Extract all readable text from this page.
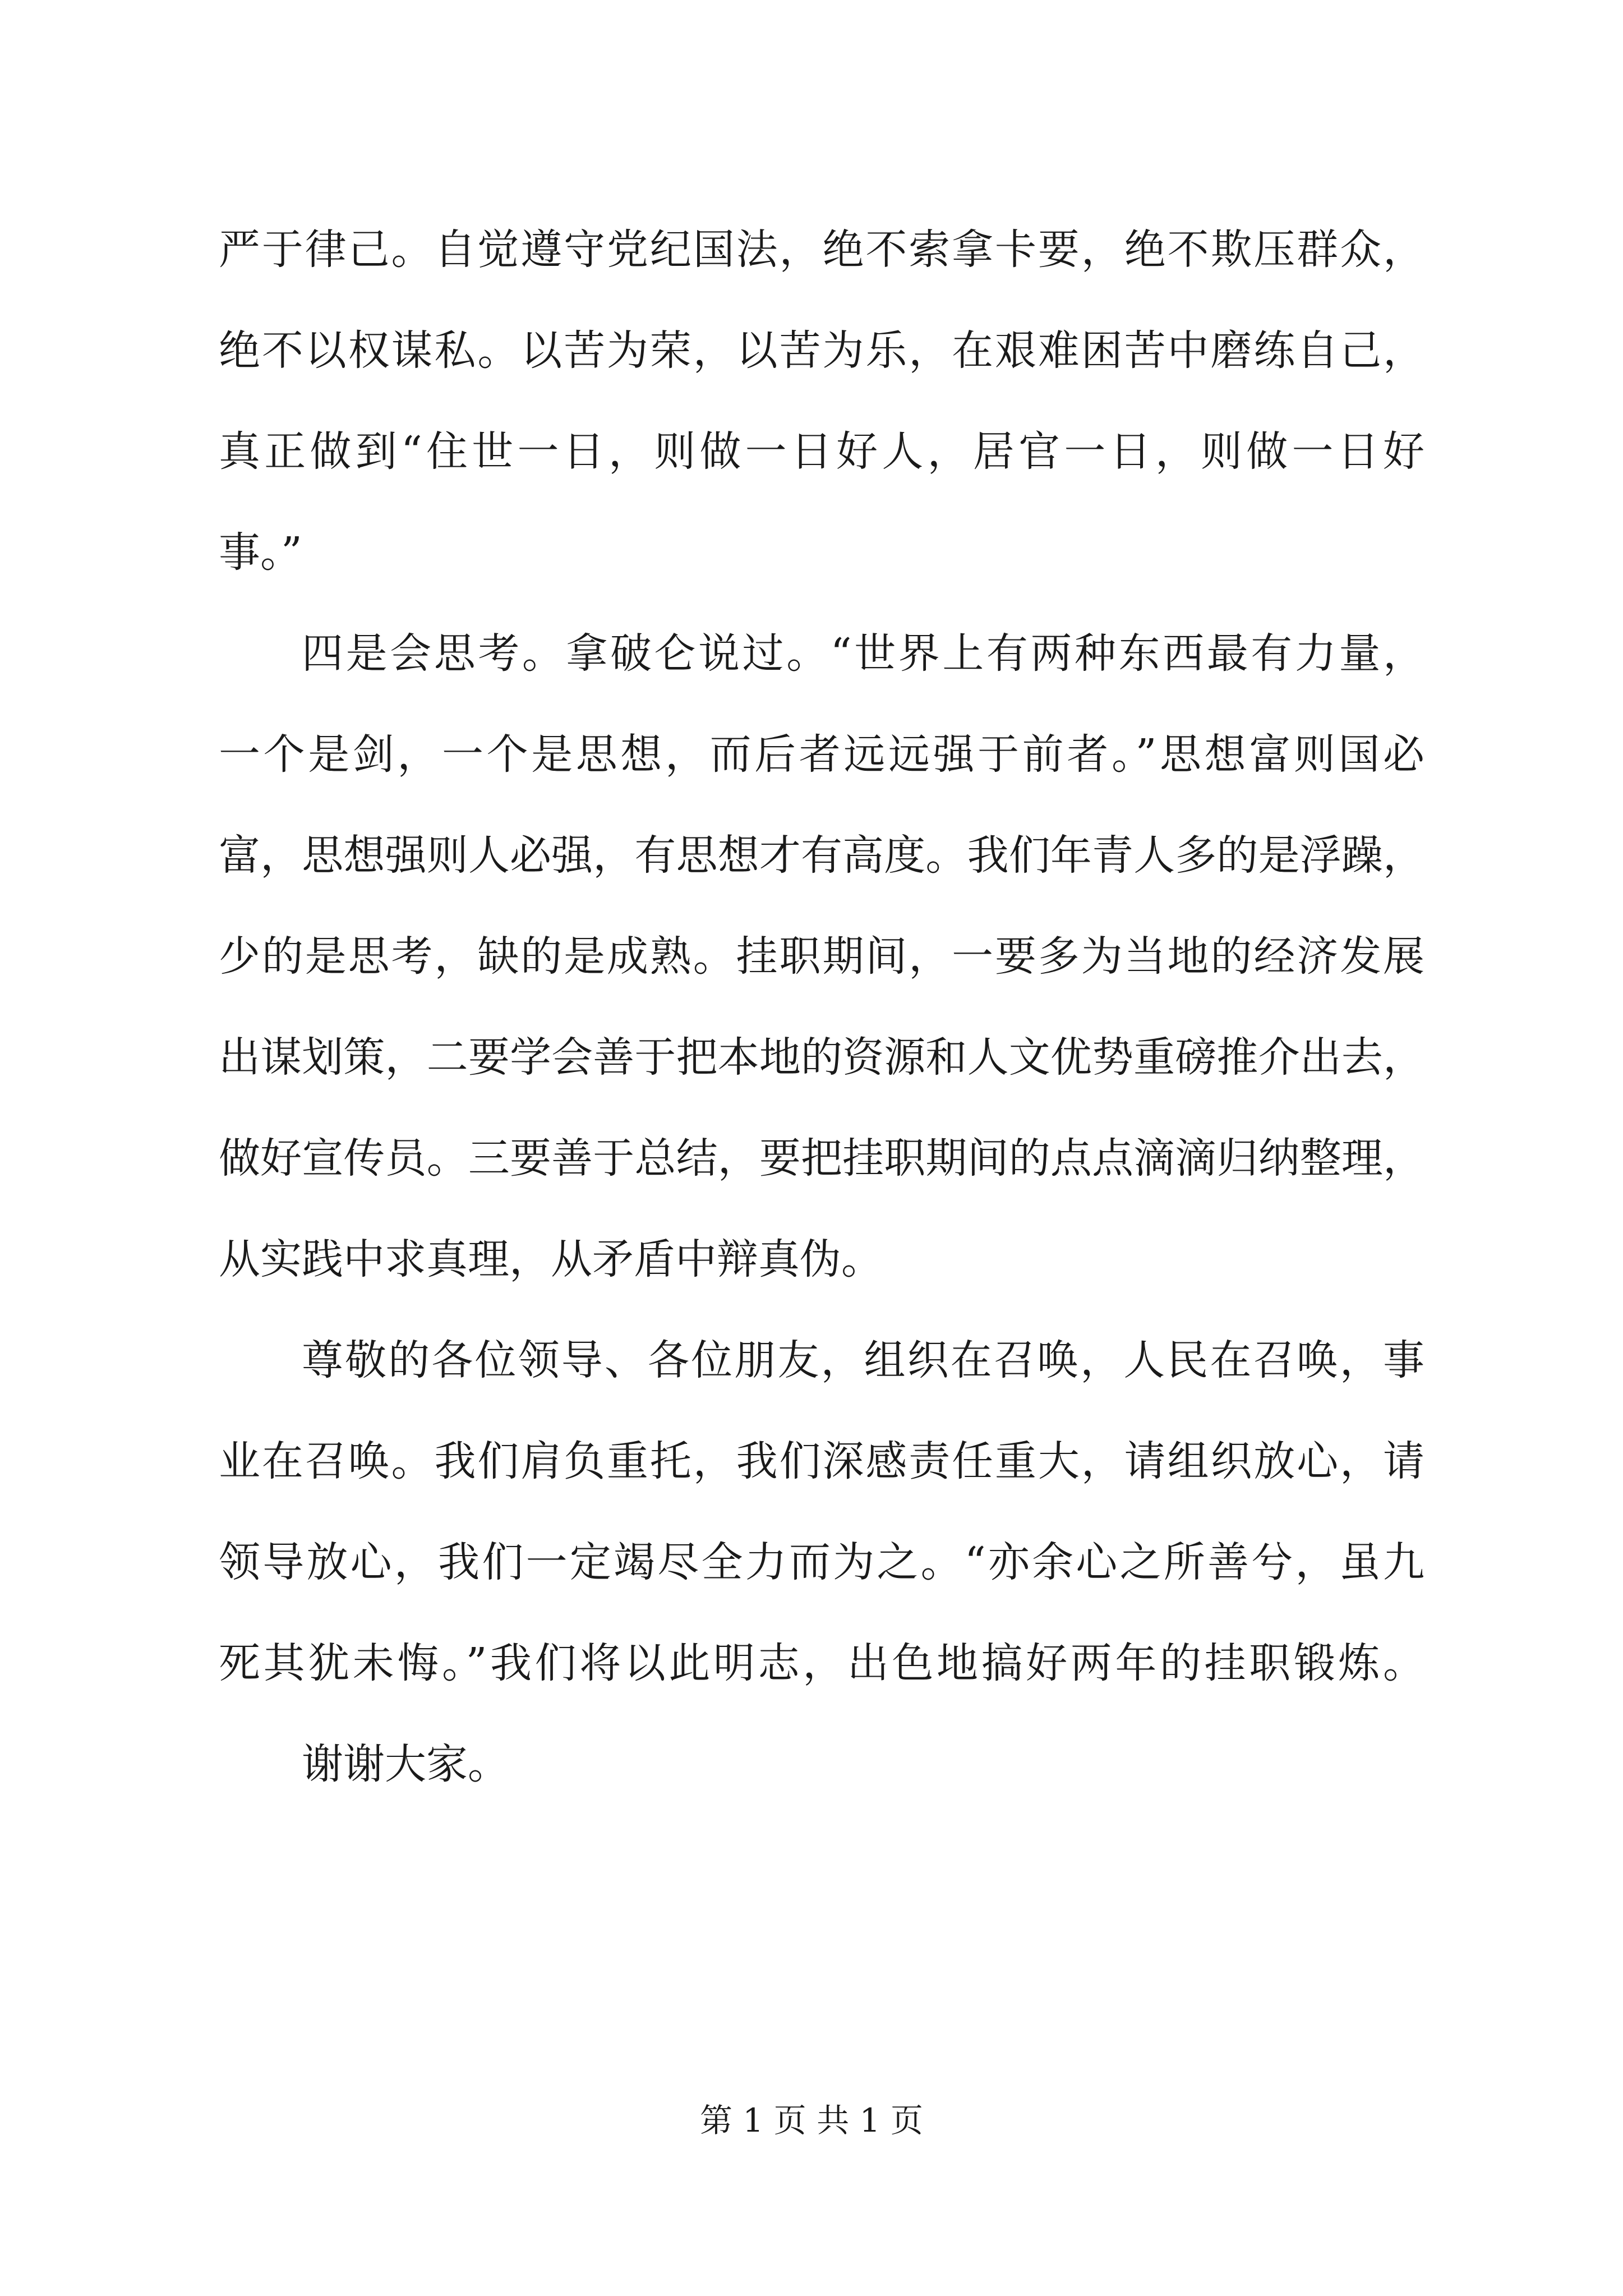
严于律己。自觉遵守党纪国法，绝不索拿卡要，绝不欺压群众，
绝不以权谋私。以苦为荣，以苦为乐，在艰难困苦中磨练自己，
真正做到“住世一日，则做一日好人，居官一日，则做一日好
事。”
四是会思考。拿破仑说过。“世界上有两种东西最有力量，
一个是剑，一个是思想，而后者远远强于前者。”思想富则国必
富，思想强则人必强，有思想才有高度。我们年青人多的是浮躁，
少的是思考，缺的是成熟。挂职期间，一要多为当地的经济发展
出谋划策，二要学会善于把本地的资源和人文优势重磅推介出去，
做好宣传员。三要善于总结，要把挂职期间的点点滴滴归纳整理，
从实践中求真理，从矛盾中辩真伪。
尊敬的各位领导、各位朋友，组织在召唤，人民在召唤，事
业在召唤。我们肩负重托，我们深感责任重大，请组织放心，请
领导放心，我们一定竭尽全力而为之。“亦余心之所善兮，虽九
死其犹未悔。”我们将以此明志，出色地搞好两年的挂职锻炼。
谢谢大家。
第 1 页 共 1 页
